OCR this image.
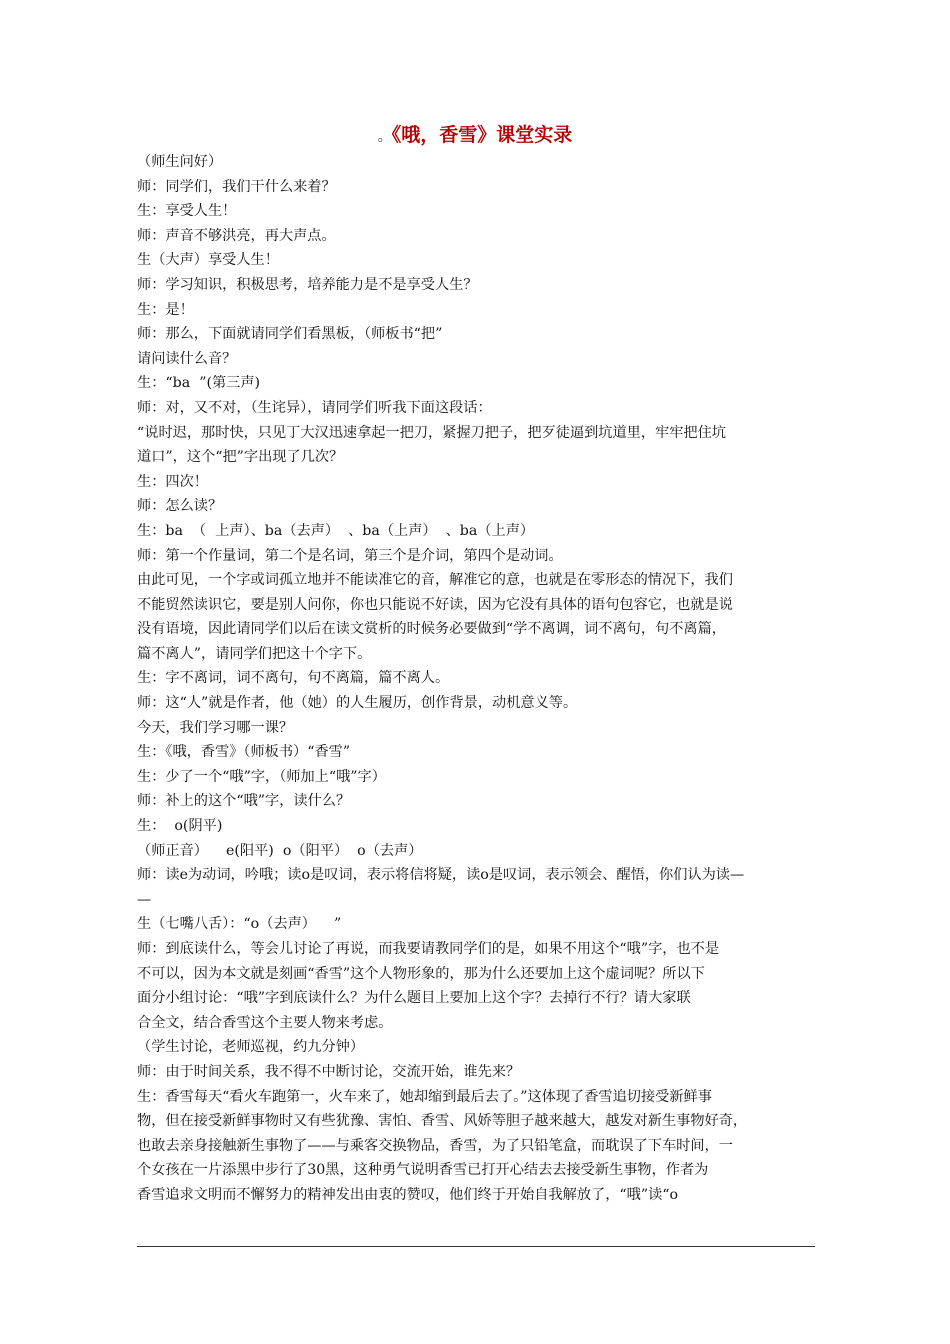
。《哦，香雪》课堂实录
（师生问好）
师：同学们，我们干什么来着？
生：享受人生！
师：声音不够洪亮，再大声点。
生（大声）享受人生！
师：学习知识，积极思考，培养能力是不是享受人生？
生：是！
师：那么，下面就请同学们看黑板，（师板书“把”
请问读什么音？
生：“ba  ”(第三声)
师：对，又不对，（生诧异），请同学们听我下面这段话：
“说时迟，那时快，只见丁大汉迅速拿起一把刀，紧握刀把子，把歹徒逼到坑道里，牢牢把住坑
道口”，这个“把”字出现了几次？
生：四次！
师：怎么读？
生：ba  （  上声）、ba（去声）  、ba（上声）  、ba（上声）
师：第一个作量词，第二个是名词，第三个是介词，第四个是动词。
由此可见，一个字或词孤立地并不能读准它的音，解准它的意，也就是在零形态的情况下，我们
不能贸然读识它，要是别人问你，你也只能说不好读，因为它没有具体的语句包容它，也就是说
没有语境，因此请同学们以后在读文赏析的时候务必要做到“学不离调，词不离句，句不离篇，
篇不离人”，请同学们把这十个字下。
生：字不离词，词不离句，句不离篇，篇不离人。
师：这“人”就是作者，他（她）的人生履历，创作背景，动机意义等。
今天，我们学习哪一课？
生：《哦，香雪》（师板书）“香雪”
生：少了一个“哦”字，（师加上“哦”字）
师：补上的这个“哦”字，读什么？
生：  o(阴平)
（师正音）    e(阳平)  o（阳平）  o（去声）
师：读e为动词，吟哦；读o是叹词，表示将信将疑，读o是叹词，表示领会、醒悟，你们认为读—
—
生（七嘴八舌）：“o（去声）    ”
师：到底读什么，等会儿讨论了再说，而我要请教同学们的是，如果不用这个“哦”字，也不是
不可以，因为本文就是刻画“香雪”这个人物形象的，那为什么还要加上这个虚词呢？所以下
面分小组讨论：“哦”字到底读什么？为什么题目上要加上这个字？去掉行不行？请大家联
合全文，结合香雪这个主要人物来考虑。
（学生讨论，老师巡视，约九分钟）
师：由于时间关系，我不得不中断讨论，交流开始，谁先来？
生：香雪每天“看火车跑第一，火车来了，她却缩到最后去了。”这体现了香雪追切接受新鲜事
物，但在接受新鲜事物时又有些犹豫、害怕、香雪、风娇等胆子越来越大，越发对新生事物好奇，
也敢去亲身接触新生事物了——与乘客交换物品，香雪，为了只铅笔盒，而耽误了下车时间，一
个女孩在一片添黑中步行了30黑，这种勇气说明香雪已打开心结去去接受新生事物，作者为
香雪追求文明而不懈努力的精神发出由衷的赞叹，他们终于开始自我解放了，“哦”读“o
